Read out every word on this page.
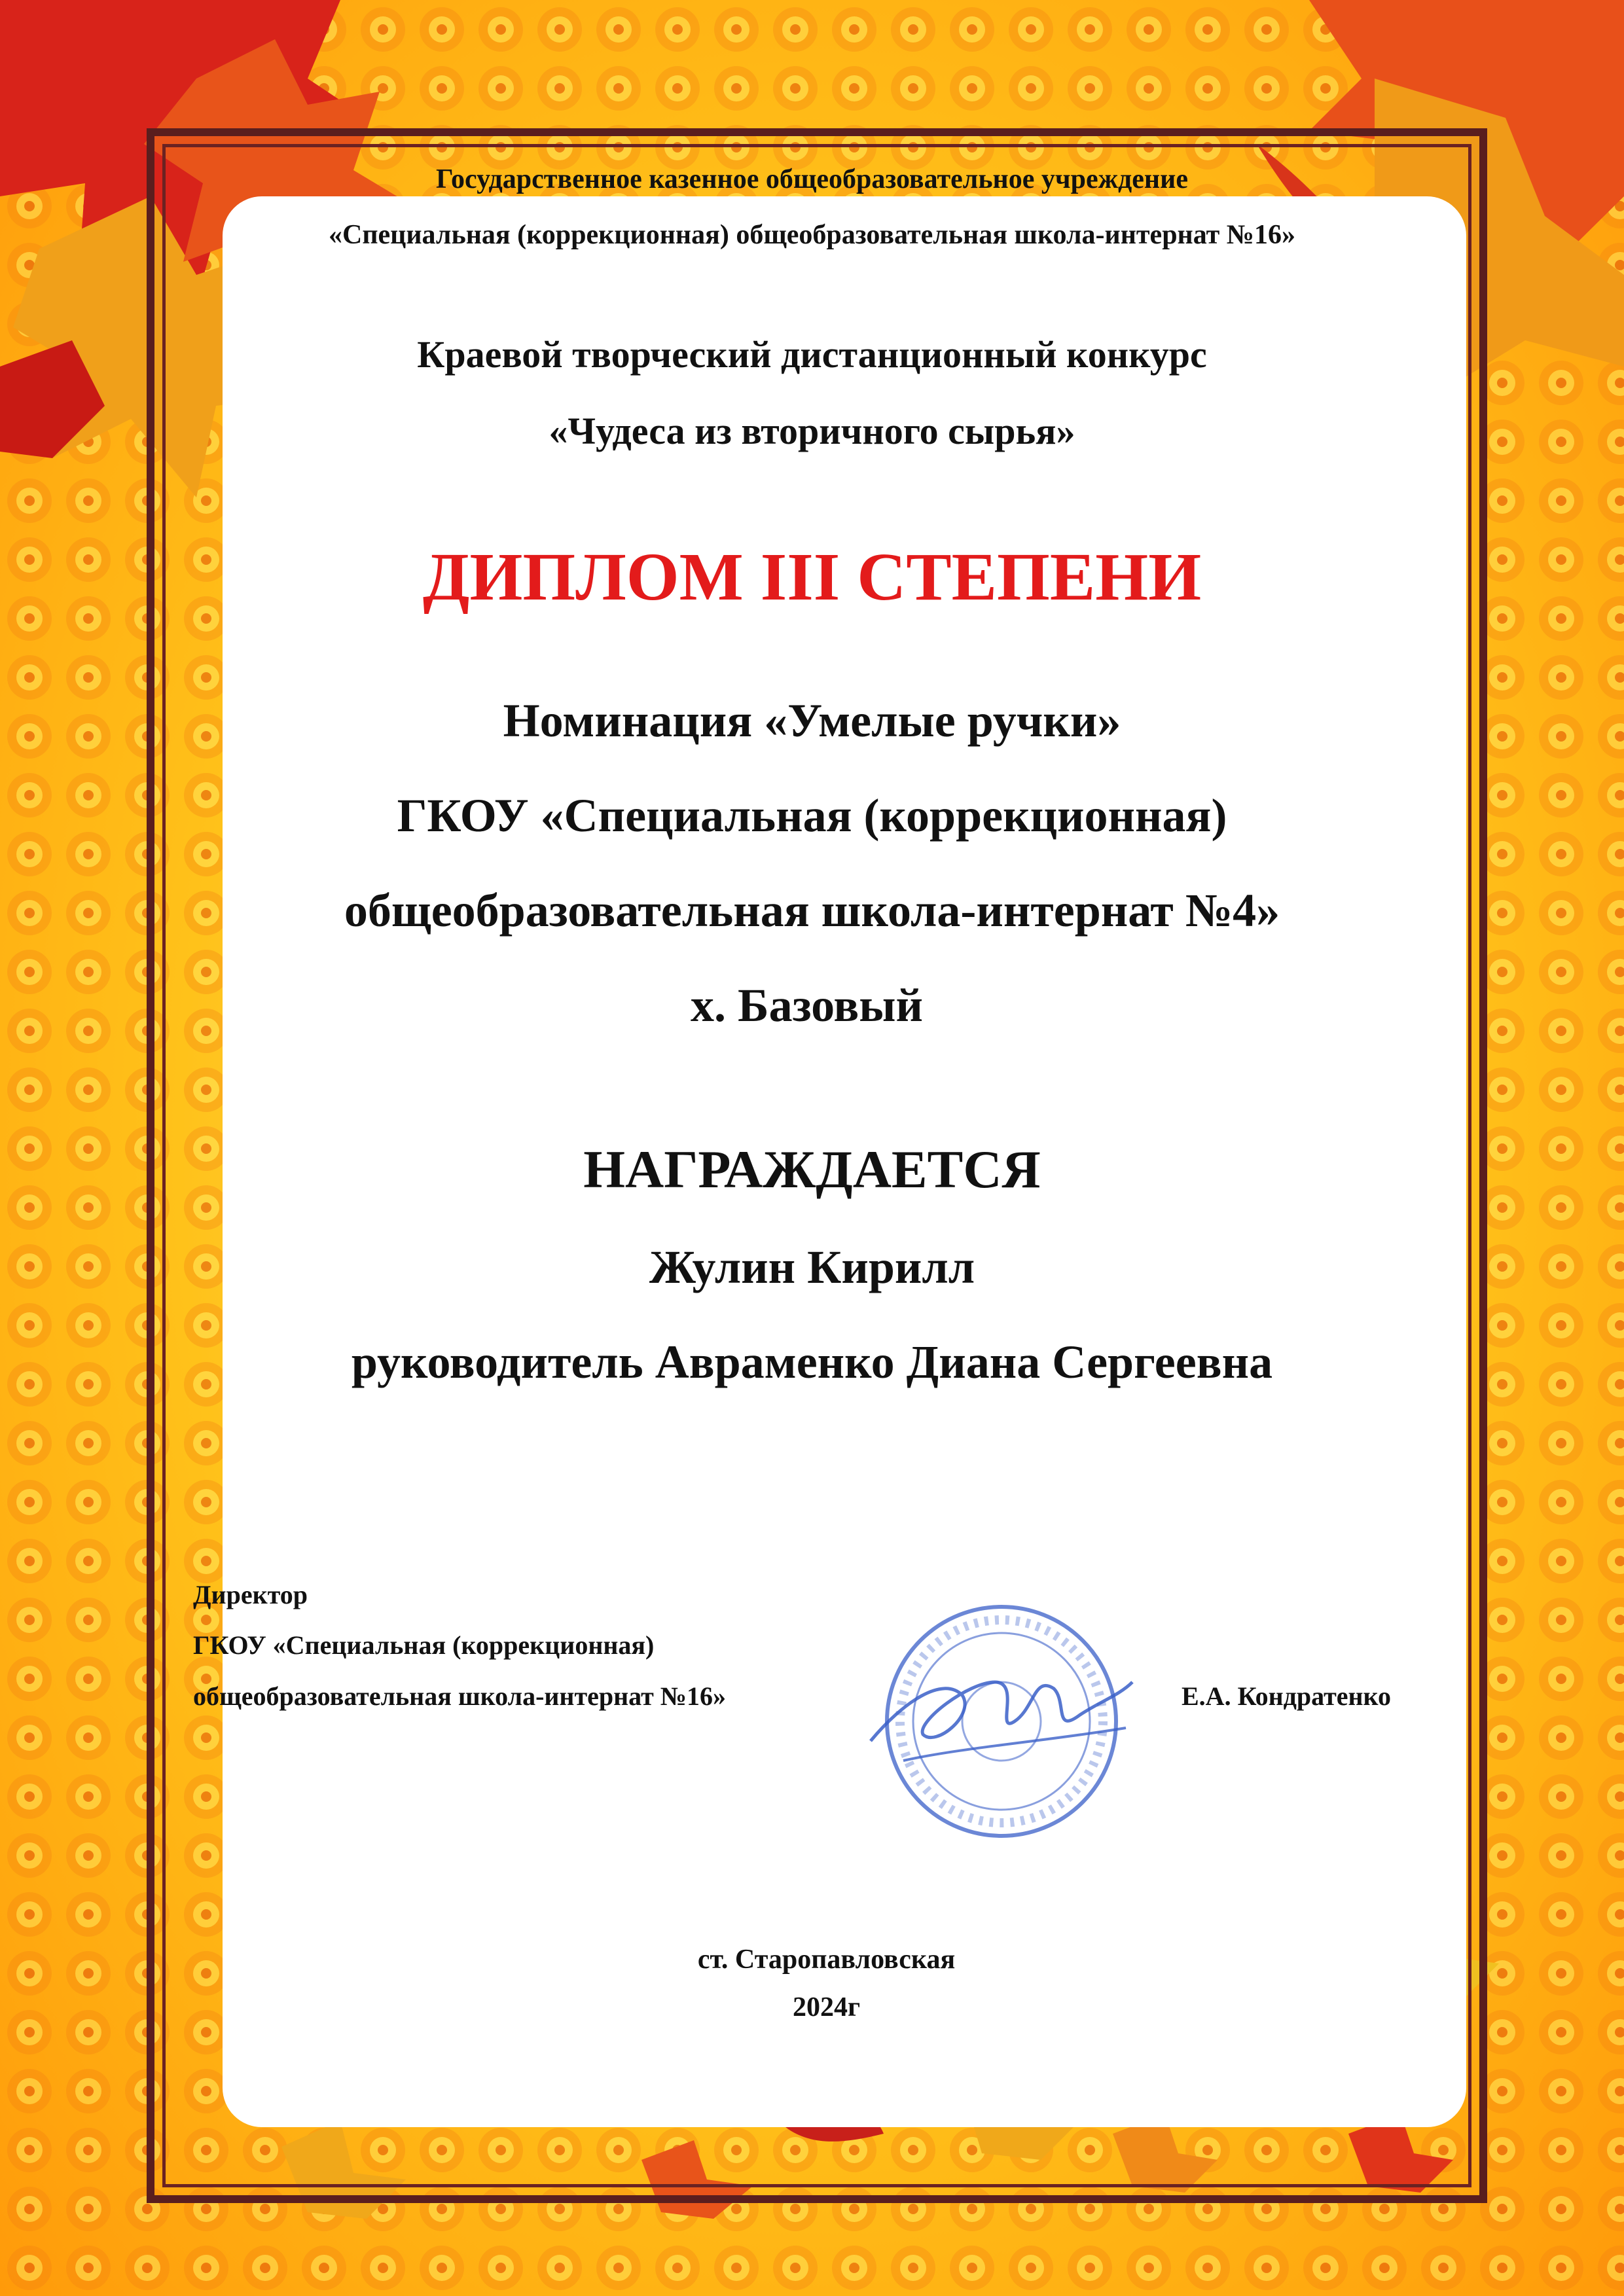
Государственное казенное общеобразовательное учреждение
«Специальная (коррекционная) общеобразовательная школа-интернат №16»
Краевой творческий дистанционный конкурс
«Чудеса из вторичного сырья»
ДИПЛОМ III СТЕПЕНИ
Номинация «Умелые ручки»
ГКОУ «Специальная (коррекционная)
общеобразовательная школа-интернат №4»
х. Базовый
НАГРАЖДАЕТСЯ
Жулин Кирилл
руководитель Авраменко Диана Сергеевна
Директор
ГКОУ «Специальная (коррекционная)
общеобразовательная школа-интернат №16»	Е.А. Кондратенко
ст. Старопавловская
2024г
